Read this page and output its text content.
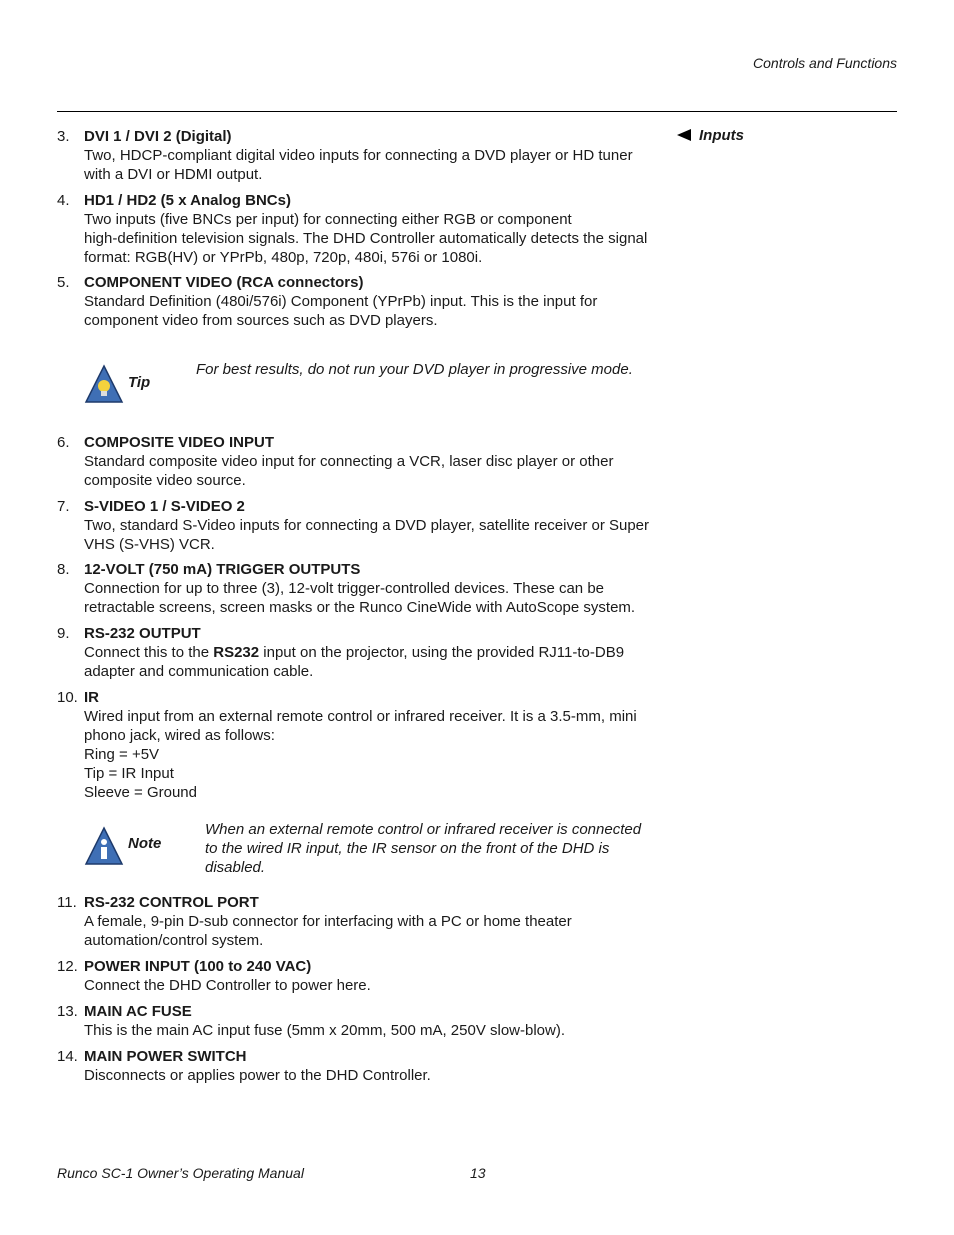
Controls and Functions
Inputs
3. DVI 1 / DVI 2 (Digital)
Two, HDCP-compliant digital video inputs for connecting a DVD player or HD tuner
with a DVI or HDMI output.
4. HD1 / HD2 (5 x Analog BNCs)
Two inputs (five BNCs per input) for connecting either RGB or component
high-definition television signals. The DHD Controller automatically detects the signal
format: RGB(HV) or YPrPb, 480p, 720p, 480i, 576i or 1080i.
5. COMPONENT VIDEO (RCA connectors)
Standard Definition (480i/576i) Component (YPrPb) input. This is the input for
component video from sources such as DVD players.
Tip
For best results, do not run your DVD player in progressive mode.
6. COMPOSITE VIDEO INPUT
Standard composite video input for connecting a VCR, laser disc player or other
composite video source.
7. S-VIDEO 1 / S-VIDEO 2
Two, standard S-Video inputs for connecting a DVD player, satellite receiver or Super
VHS (S-VHS) VCR.
8. 12-VOLT (750 mA) TRIGGER OUTPUTS
Connection for up to three (3), 12-volt trigger-controlled devices. These can be
retractable screens, screen masks or the Runco CineWide with AutoScope system.
9. RS-232 OUTPUT
Connect this to the RS232 input on the projector, using the provided RJ11-to-DB9
adapter and communication cable.
10. IR
Wired input from an external remote control or infrared receiver. It is a 3.5-mm, mini
phono jack, wired as follows:
Ring = +5V
Tip = IR Input
Sleeve = Ground
Note
When an external remote control or infrared receiver is connected
to the wired IR input, the IR sensor on the front of the DHD is
disabled.
11. RS-232 CONTROL PORT
A female, 9-pin D-sub connector for interfacing with a PC or home theater
automation/control system.
12. POWER INPUT (100 to 240 VAC)
Connect the DHD Controller to power here.
13. MAIN AC FUSE
This is the main AC input fuse (5mm x 20mm, 500 mA, 250V slow-blow).
14. MAIN POWER SWITCH
Disconnects or applies power to the DHD Controller.
Runco SC-1 Owner’s Operating Manual	13
